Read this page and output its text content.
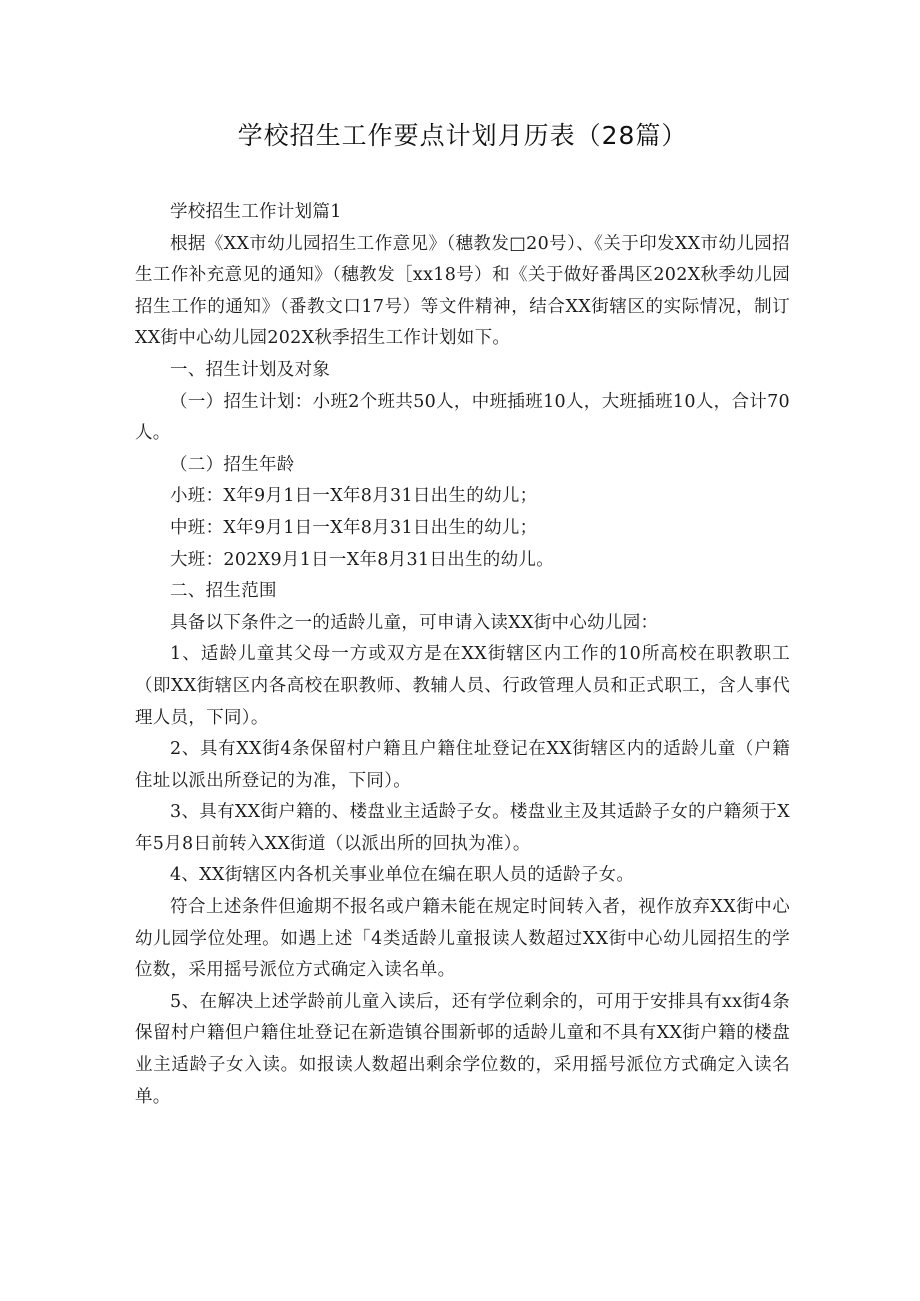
学校招生工作要点计划月历表（28篇）

学校招生工作计划篇1

根据《XX市幼儿园招生工作意见》（穗教发□20号）、《关于印发XX市幼儿园招生工作补充意见的通知》（穗教发［xx18号）和《关于做好番禺区202X秋季幼儿园招生工作的通知》（番教文口17号）等文件精神，结合XX街辖区的实际情况，制订XX街中心幼儿园202X秋季招生工作计划如下。

一、招生计划及对象

（一）招生计划：小班2个班共50人，中班插班10人，大班插班10人，合计70人。

（二）招生年龄

小班：X年9月1日一X年8月31日出生的幼儿；

中班：X年9月1日一X年8月31日出生的幼儿；

大班：202X9月1日一X年8月31日出生的幼儿。

二、招生范围

具备以下条件之一的适龄儿童，可申请入读XX街中心幼儿园：

1、适龄儿童其父母一方或双方是在XX街辖区内工作的10所高校在职教职工（即XX街辖区内各高校在职教师、教辅人员、行政管理人员和正式职工，含人事代理人员，下同）。

2、具有XX街4条保留村户籍且户籍住址登记在XX街辖区内的适龄儿童（户籍住址以派出所登记的为准，下同）。

3、具有XX街户籍的、楼盘业主适龄子女。楼盘业主及其适龄子女的户籍须于X年5月8日前转入XX街道（以派出所的回执为准）。

4、XX街辖区内各机关事业单位在编在职人员的适龄子女。

符合上述条件但逾期不报名或户籍未能在规定时间转入者，视作放弃XX街中心幼儿园学位处理。如遇上述「4类适龄儿童报读人数超过XX街中心幼儿园招生的学位数，采用摇号派位方式确定入读名单。

5、在解决上述学龄前儿童入读后，还有学位剩余的，可用于安排具有xx街4条保留村户籍但户籍住址登记在新造镇谷围新邨的适龄儿童和不具有XX街户籍的楼盘业主适龄子女入读。如报读人数超出剩余学位数的，采用摇号派位方式确定入读名单。
